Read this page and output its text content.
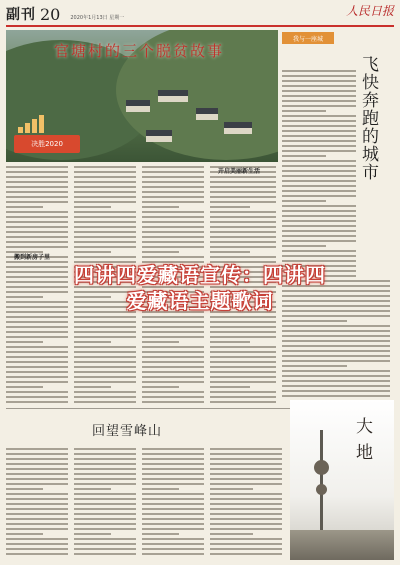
副刊 20 2020年1月13日 星期一	人民日报
官塘村的三个脱贫故事
决胜2020
我与一座城
飞快奔跑的城市
搬到新房子里
开启美丽新生活
回望雪峰山	大地
四讲四爱藏语宣传：四讲四
爱藏语主题歌词
